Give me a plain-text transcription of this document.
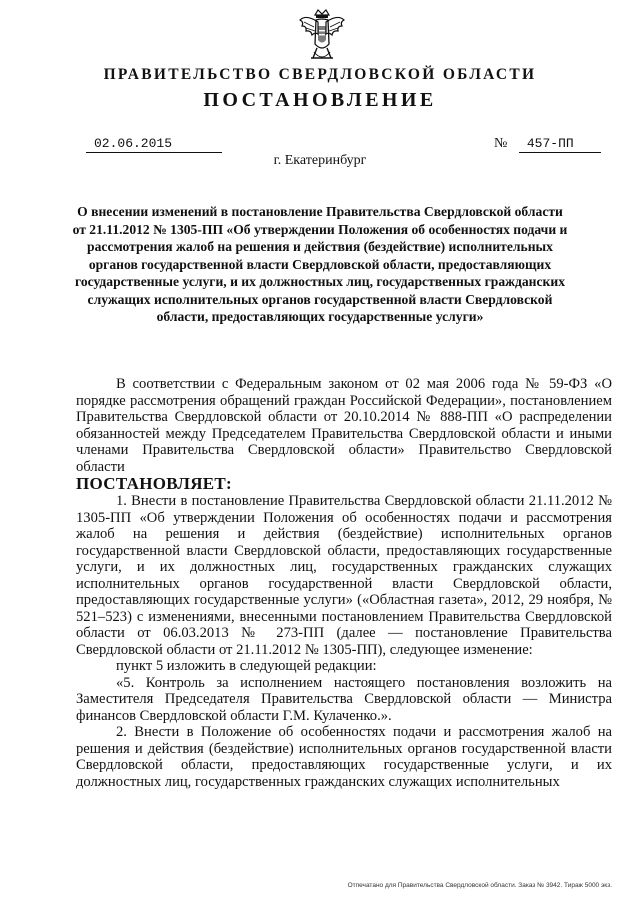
ПРАВИТЕЛЬСТВО СВЕРДЛОВСКОЙ ОБЛАСТИ
ПОСТАНОВЛЕНИЕ
02.06.2015	№ 457-ПП
г. Екатеринбург
О внесении изменений в постановление Правительства Свердловской области от 21.11.2012 № 1305-ПП «Об утверждении Положения об особенностях подачи и рассмотрения жалоб на решения и действия (бездействие) исполнительных органов государственной власти Свердловской области, предоставляющих государственные услуги, и их должностных лиц, государственных гражданских служащих исполнительных органов государственной власти Свердловской области, предоставляющих государственные услуги»

В соответствии с Федеральным законом от 02 мая 2006 года № 59-ФЗ «О порядке рассмотрения обращений граждан Российской Федерации», постановлением Правительства Свердловской области от 20.10.2014 № 888-ПП «О распределении обязанностей между Председателем Правительства Свердловской области и иными членами Правительства Свердловской области» Правительство Свердловской области

ПОСТАНОВЛЯЕТ:

1. Внести в постановление Правительства Свердловской области 21.11.2012 № 1305-ПП «Об утверждении Положения об особенностях подачи и рассмотрения жалоб на решения и действия (бездействие) исполнительных органов государственной власти Свердловской области, предоставляющих государственные услуги, и их должностных лиц, государственных гражданских служащих исполнительных органов государственной власти Свердловской области, предоставляющих государственные услуги» («Областная газета», 2012, 29 ноября, № 521–523) с изменениями, внесенными постановлением Правительства Свердловской области от 06.03.2013 № 273-ПП (далее — постановление Правительства Свердловской области от 21.11.2012 № 1305-ПП), следующее изменение:

пункт 5 изложить в следующей редакции:

«5. Контроль за исполнением настоящего постановления возложить на Заместителя Председателя Правительства Свердловской области — Министра финансов Свердловской области Г.М. Кулаченко.».

2. Внести в Положение об особенностях подачи и рассмотрения жалоб на решения и действия (бездействие) исполнительных органов государственной власти Свердловской области, предоставляющих государственные услуги, и их должностных лиц, государственных гражданских служащих исполнительных

Отпечатано для Правительства Свердловской области. Заказ № 3942. Тираж 5000 экз.
